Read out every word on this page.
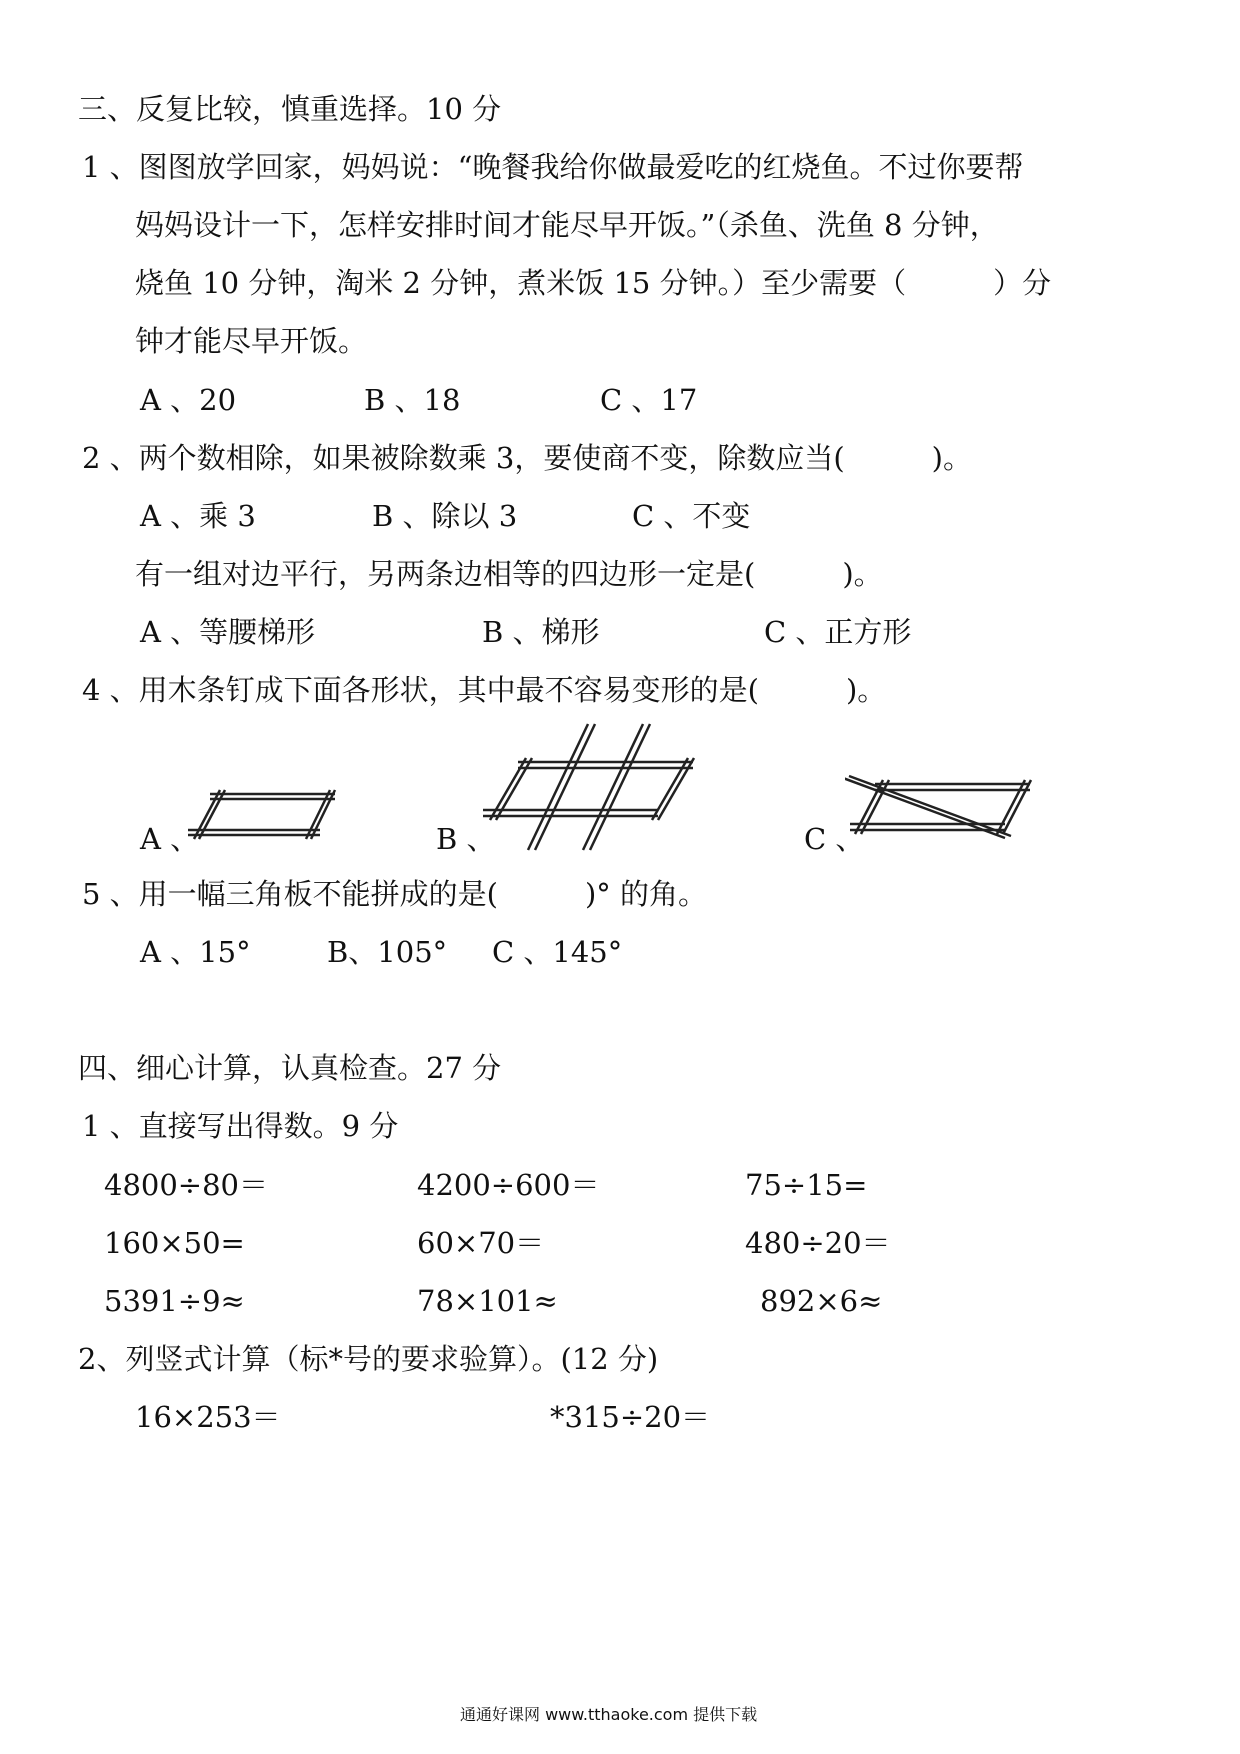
三、反复比较，慎重选择。10 分
1 、图图放学回家，妈妈说：“晚餐我给你做最爱吃的红烧鱼。不过你要帮
妈妈设计一下，怎样安排时间才能尽早开饭。”（杀鱼、洗鱼 8 分钟，
烧鱼 10 分钟，淘米 2 分钟，煮米饭 15 分钟。）至少需要（　　　）分
钟才能尽早开饭。
A 、20	B 、18	C 、17
2 、两个数相除，如果被除数乘 3，要使商不变，除数应当(　　　)。
A 、乘 3	B 、除以 3	C 、不变
有一组对边平行，另两条边相等的四边形一定是(　　　)。
A 、等腰梯形	B 、梯形	C 、正方形
4 、用木条钉成下面各形状，其中最不容易变形的是(　　　)。
A 、	B 、	C 、
5 、用一幅三角板不能拼成的是(　　　)° 的角。
A 、15°	B、105° C 、145°
四、细心计算，认真检查。27 分
1 、直接写出得数。9 分
4800÷80＝	4200÷600＝	75÷15=
160×50=	60×70＝	480÷20＝
5391÷9≈	78×101≈	892×6≈
2、列竖式计算（标*号的要求验算）。(12 分)
16×253＝	*315÷20＝
通通好课网 www.tthaoke.com 提供下载
